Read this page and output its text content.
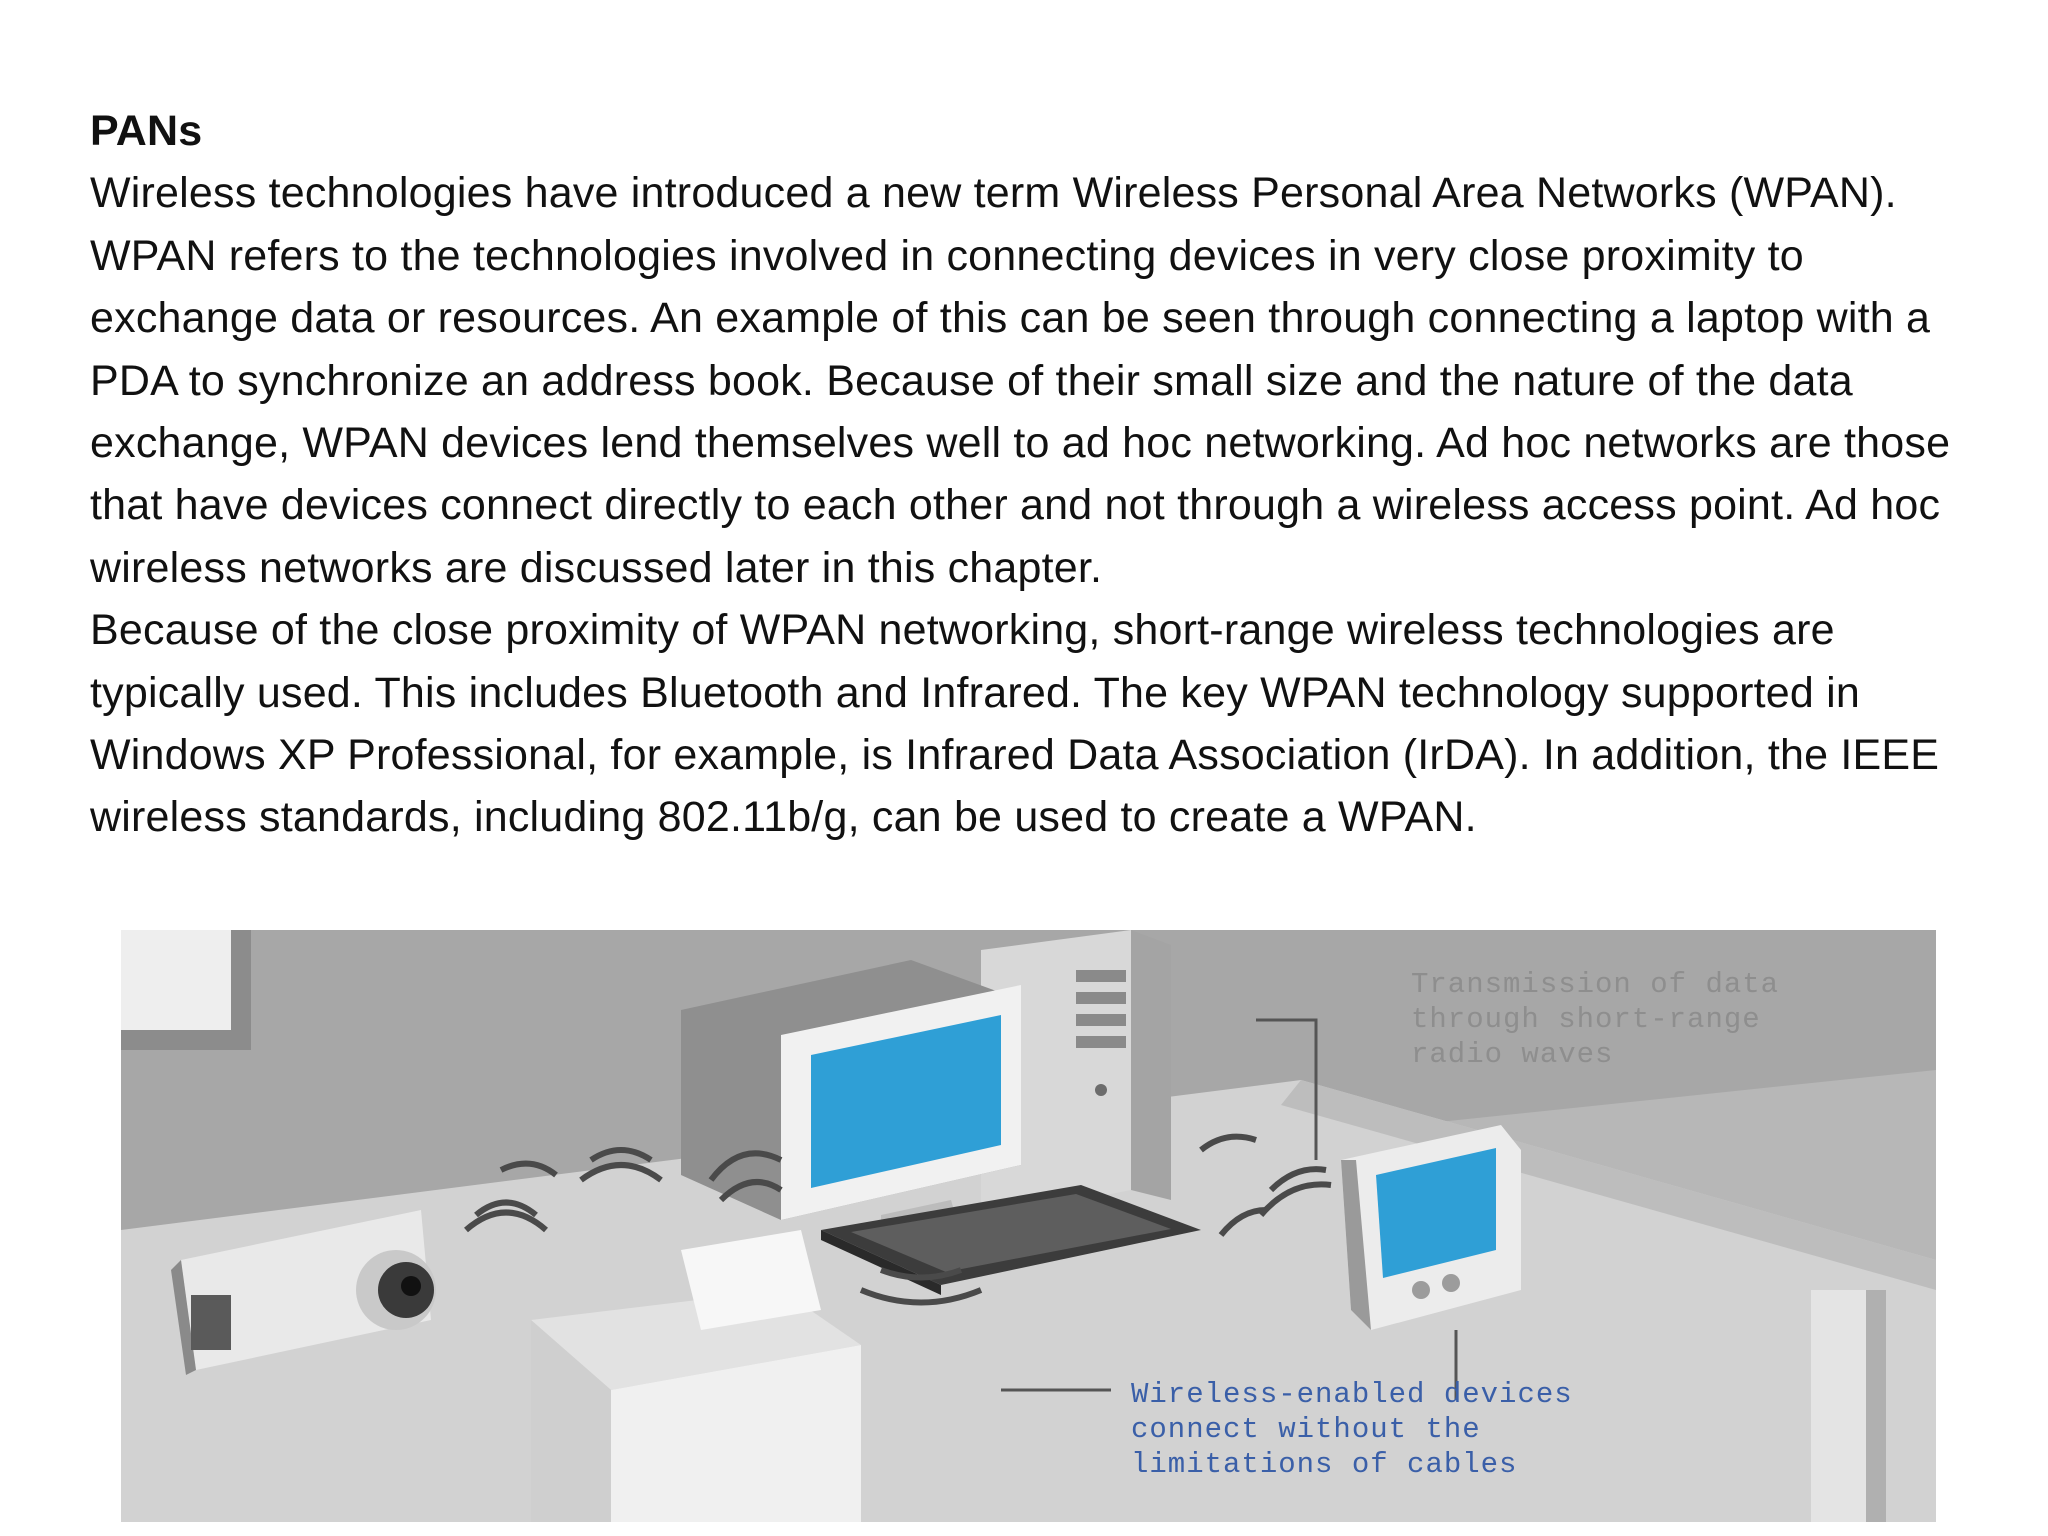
PANs
Wireless technologies have introduced a new term Wireless Personal Area Networks (WPAN). WPAN refers to the technologies involved in connecting devices in very close proximity to exchange data or resources. An example of this can be seen through connecting a laptop with a PDA to synchronize an address book. Because of their small size and the nature of the data exchange, WPAN devices lend themselves well to ad hoc networking. Ad hoc networks are those that have devices connect directly to each other and not through a wireless access point. Ad hoc wireless networks are discussed later in this chapter.
Because of the close proximity of WPAN networking, short-range wireless technologies are typically used. This includes Bluetooth and Infrared. The key WPAN technology supported in Windows XP Professional, for example, is Infrared Data Association (IrDA). In addition, the IEEE wireless standards, including 802.11b/g, can be used to create a WPAN.
Transmission of data
through short-range
radio waves
Wireless-enabled devices
connect without the
limitations of cables
